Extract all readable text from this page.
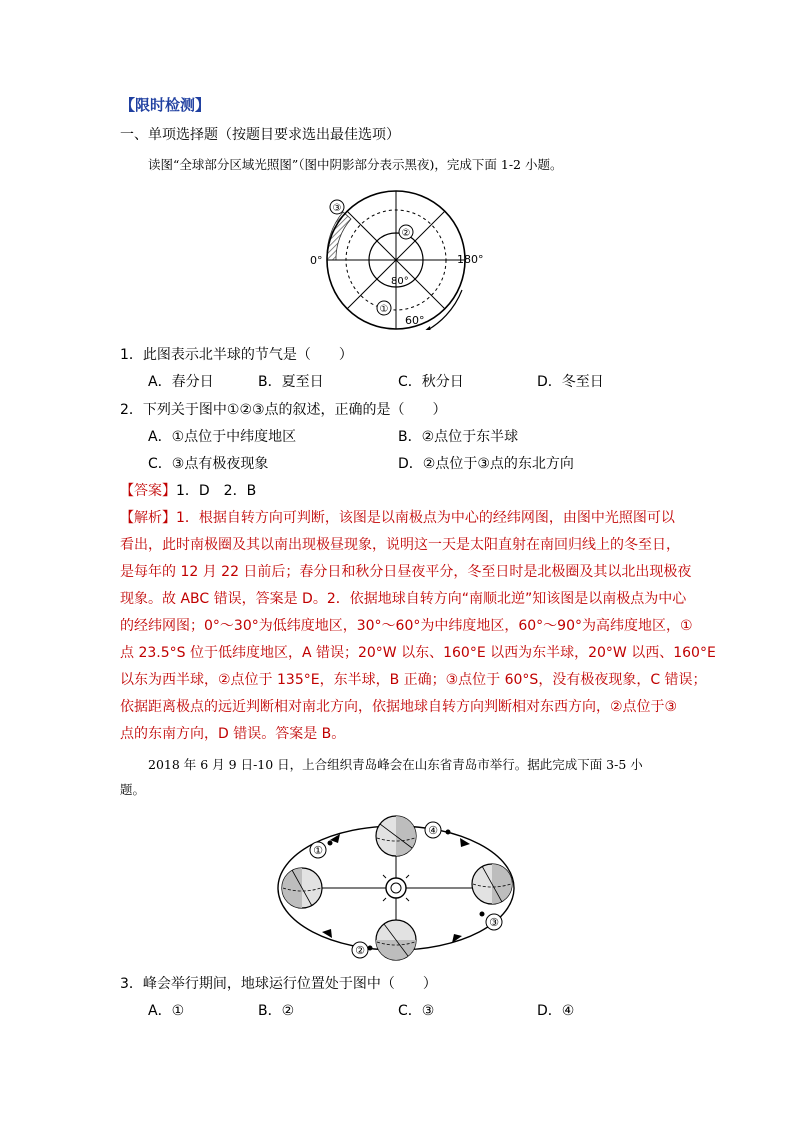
【限时检测】
一、单项选择题（按题目要求选出最佳选项）
读图“全球部分区域光照图”（图中阴影部分表示黑夜)，完成下面 1-2 小题。
③
②
①
0°	180°
80°
60°
1．此图表示北半球的节气是（　　）
A．春分日	B．夏至日	C．秋分日	D．冬至日
2．下列关于图中①②③点的叙述，正确的是（　　）
A．①点位于中纬度地区	B．②点位于东半球
C．③点有极夜现象	D．②点位于③点的东北方向
【答案】1．D　2．B
【解析】1．根据自转方向可判断，该图是以南极点为中心的经纬网图，由图中光照图可以
看出，此时南极圈及其以南出现极昼现象，说明这一天是太阳直射在南回归线上的冬至日，
是每年的 12 月 22 日前后；春分日和秋分日昼夜平分，冬至日时是北极圈及其以北出现极夜
现象。故 ABC 错误，答案是 D。2．依据地球自转方向“南顺北逆”知该图是以南极点为中心
的经纬网图；0°～30°为低纬度地区，30°～60°为中纬度地区，60°～90°为高纬度地区，①
点 23.5°S 位于低纬度地区，A 错误；20°W 以东、160°E 以西为东半球，20°W 以西、160°E
以东为西半球，②点位于 135°E，东半球，B 正确；③点位于 60°S，没有极夜现象，C 错误；
依据距离极点的远近判断相对南北方向，依据地球自转方向判断相对东西方向，②点位于③
点的东南方向，D 错误。答案是 B。
2018 年 6 月 9 日-10 日，上合组织青岛峰会在山东省青岛市举行。据此完成下面 3-5 小
题。
①
④
③
②
3．峰会举行期间，地球运行位置处于图中（　　）
A．①	B．②	C．③	D．④
